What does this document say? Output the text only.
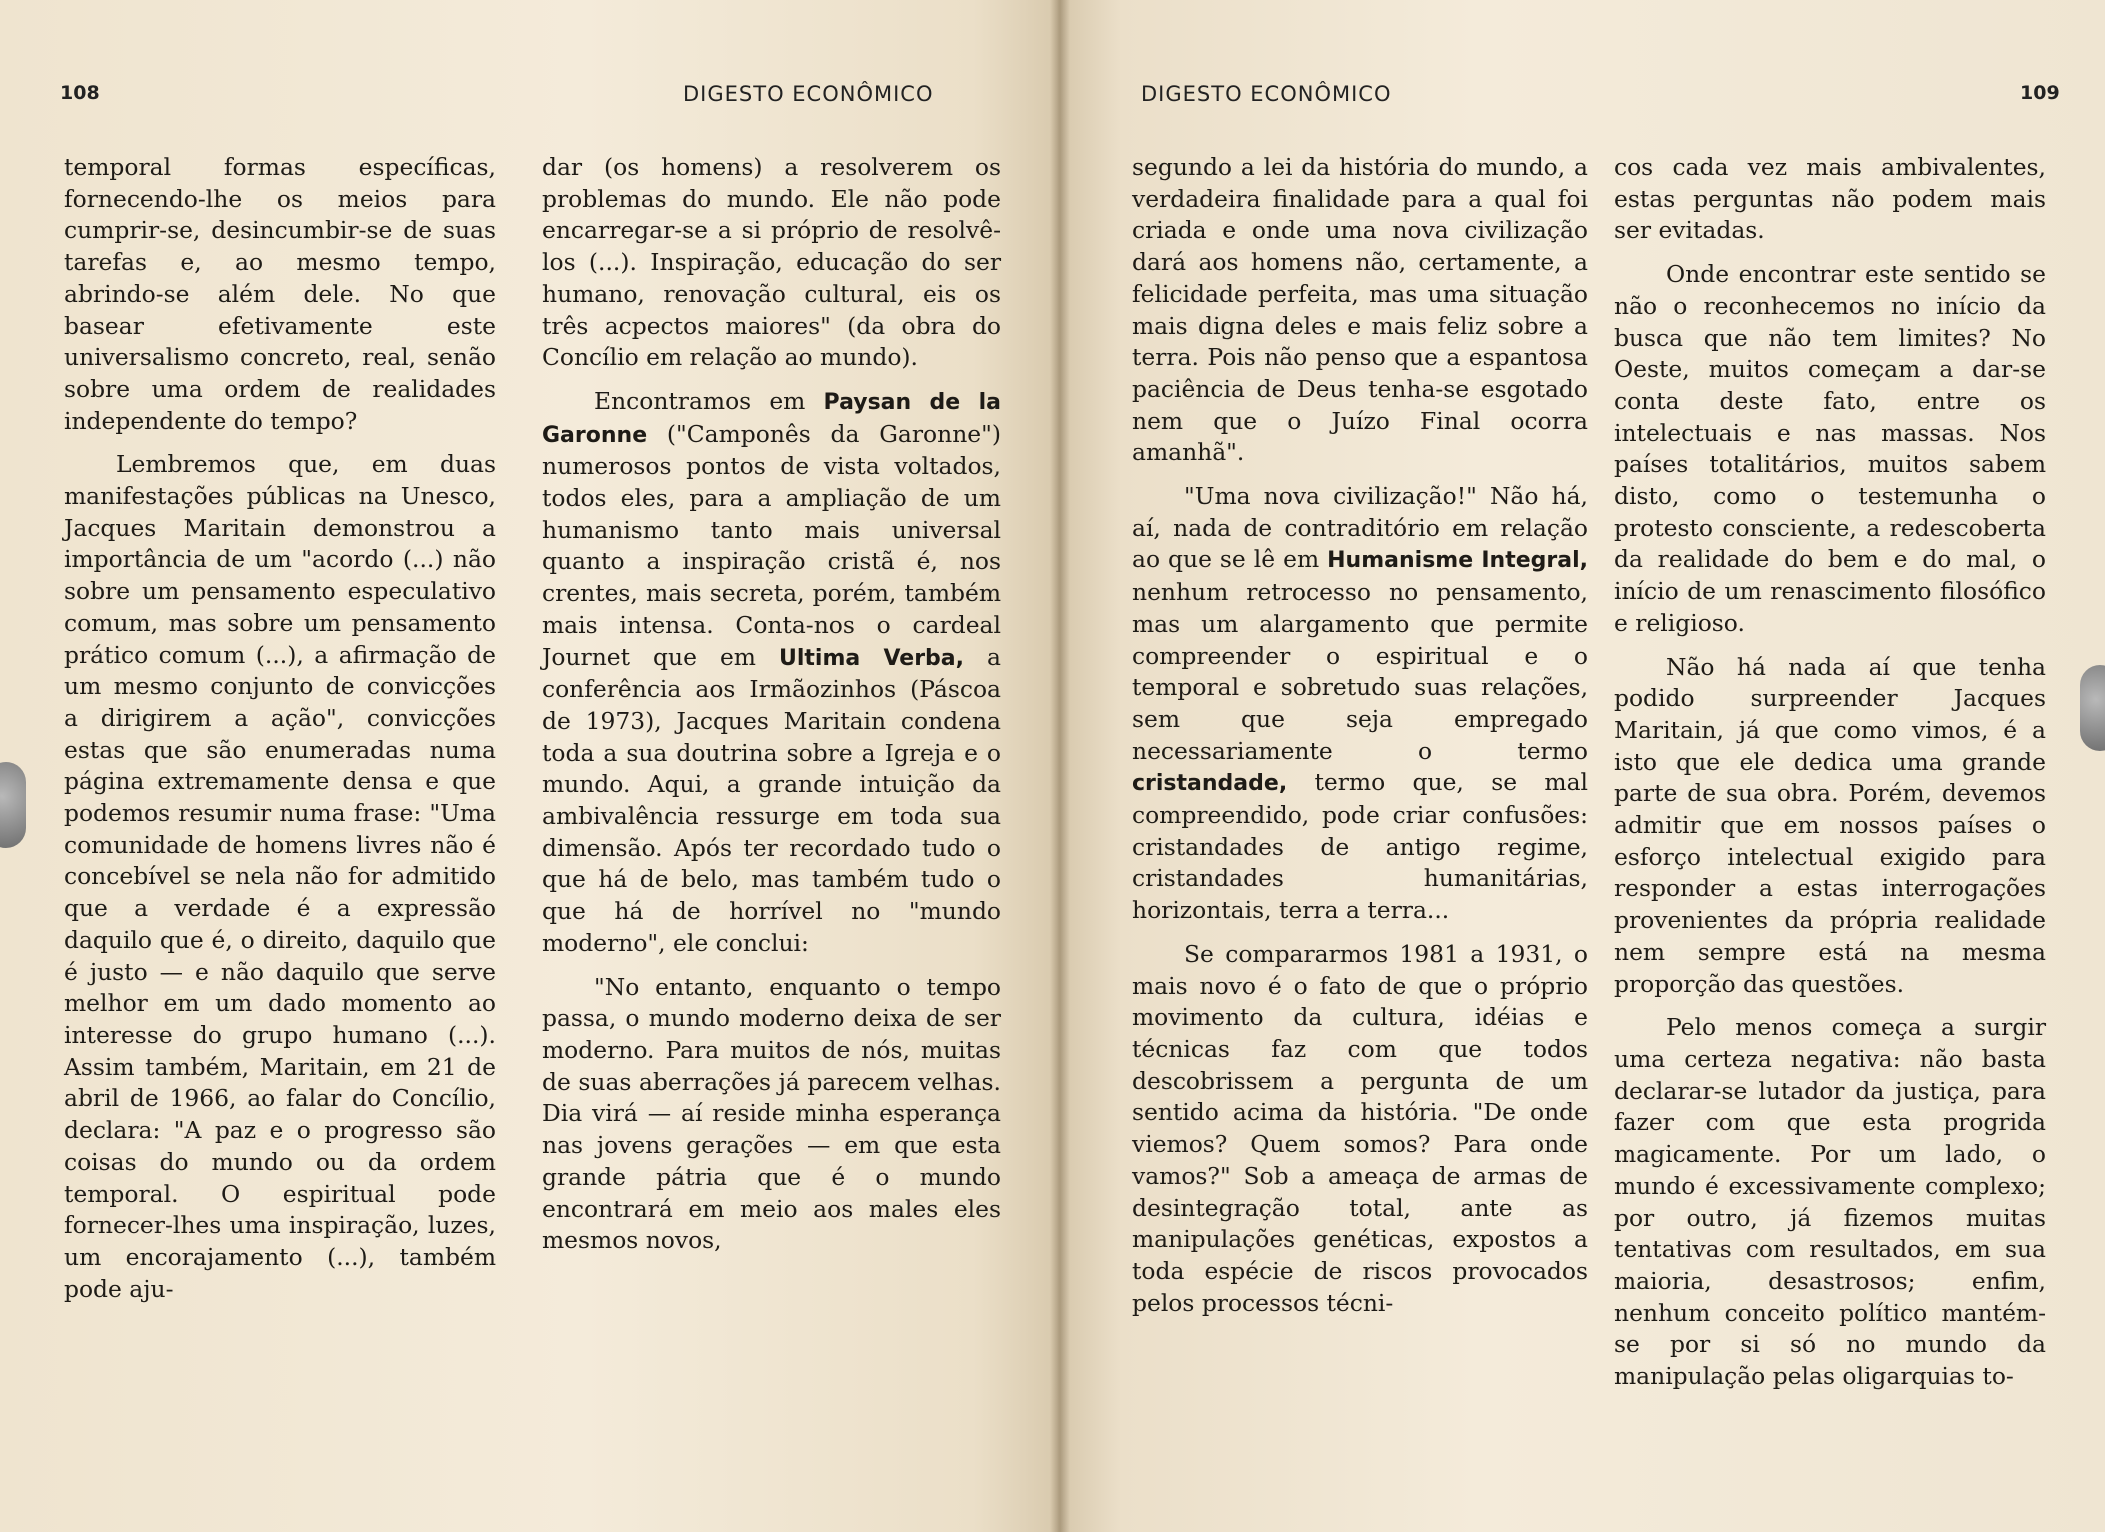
108	DIGESTO ECONÔMICO

temporal formas específicas, fornecendo-lhe os meios para cumprir-se, desincumbir-se de suas tarefas e, ao mesmo tempo, abrindo-se além dele. No que basear efetivamente este universalismo concreto, real, senão sobre uma ordem de realidades independente do tempo?

Lembremos que, em duas manifestações públicas na Unesco, Jacques Maritain demonstrou a importância de um "acordo (...) não sobre um pensamento especulativo comum, mas sobre um pensamento prático comum (...), a afirmação de um mesmo conjunto de convicções a dirigirem a ação", convicções estas que são enumeradas numa página extremamente densa e que podemos resumir numa frase: "Uma comunidade de homens livres não é concebível se nela não for admitido que a verdade é a expressão daquilo que é, o direito, daquilo que é justo — e não daquilo que serve melhor em um dado momento ao interesse do grupo humano (...). Assim também, Maritain, em 21 de abril de 1966, ao falar do Concílio, declara: "A paz e o progresso são coisas do mundo ou da ordem temporal. O espiritual pode fornecer-lhes uma inspiração, luzes, um encorajamento (...), também pode aju-

dar (os homens) a resolverem os problemas do mundo. Ele não pode encarregar-se a si próprio de resolvê-los (...). Inspiração, educação do ser humano, renovação cultural, eis os três acpectos maiores" (da obra do Concílio em relação ao mundo).

Encontramos em Paysan de la Garonne ("Camponês da Garonne") numerosos pontos de vista voltados, todos eles, para a ampliação de um humanismo tanto mais universal quanto a inspiração cristã é, nos crentes, mais secreta, porém, também mais intensa. Conta-nos o cardeal Journet que em Ultima Verba, a conferência aos Irmãozinhos (Páscoa de 1973), Jacques Maritain condena toda a sua doutrina sobre a Igreja e o mundo. Aqui, a grande intuição da ambivalência ressurge em toda sua dimensão. Após ter recordado tudo o que há de belo, mas também tudo o que há de horrível no "mundo moderno", ele conclui:

"No entanto, enquanto o tempo passa, o mundo moderno deixa de ser moderno. Para muitos de nós, muitas de suas aberrações já parecem velhas. Dia virá — aí reside minha esperança nas jovens gerações — em que esta grande pátria que é o mundo encontrará em meio aos males eles mesmos novos,

DIGESTO ECONÔMICO	109

segundo a lei da história do mundo, a verdadeira finalidade para a qual foi criada e onde uma nova civilização dará aos homens não, certamente, a felicidade perfeita, mas uma situação mais digna deles e mais feliz sobre a terra. Pois não penso que a espantosa paciência de Deus tenha-se esgotado nem que o Juízo Final ocorra amanhã".

"Uma nova civilização!" Não há, aí, nada de contraditório em relação ao que se lê em Humanisme Integral, nenhum retrocesso no pensamento, mas um alargamento que permite compreender o espiritual e o temporal e sobretudo suas relações, sem que seja empregado necessariamente o termo cristandade, termo que, se mal compreendido, pode criar confusões: cristandades de antigo regime, cristandades humanitárias, horizontais, terra a terra...

Se compararmos 1981 a 1931, o mais novo é o fato de que o próprio movimento da cultura, idéias e técnicas faz com que todos descobrissem a pergunta de um sentido acima da história. "De onde viemos? Quem somos? Para onde vamos?" Sob a ameaça de armas de desintegração total, ante as manipulações genéticas, expostos a toda espécie de riscos provocados pelos processos técni-

cos cada vez mais ambivalentes, estas perguntas não podem mais ser evitadas.

Onde encontrar este sentido se não o reconhecemos no início da busca que não tem limites? No Oeste, muitos começam a dar-se conta deste fato, entre os intelectuais e nas massas. Nos países totalitários, muitos sabem disto, como o testemunha o protesto consciente, a redescoberta da realidade do bem e do mal, o início de um renascimento filosófico e religioso.

Não há nada aí que tenha podido surpreender Jacques Maritain, já que como vimos, é a isto que ele dedica uma grande parte de sua obra. Porém, devemos admitir que em nossos países o esforço intelectual exigido para responder a estas interrogações provenientes da própria realidade nem sempre está na mesma proporção das questões.

Pelo menos começa a surgir uma certeza negativa: não basta declarar-se lutador da justiça, para fazer com que esta progrida magicamente. Por um lado, o mundo é excessivamente complexo; por outro, já fizemos muitas tentativas com resultados, em sua maioria, desastrosos; enfim, nenhum conceito político mantém-se por si só no mundo da manipulação pelas oligarquias to-
